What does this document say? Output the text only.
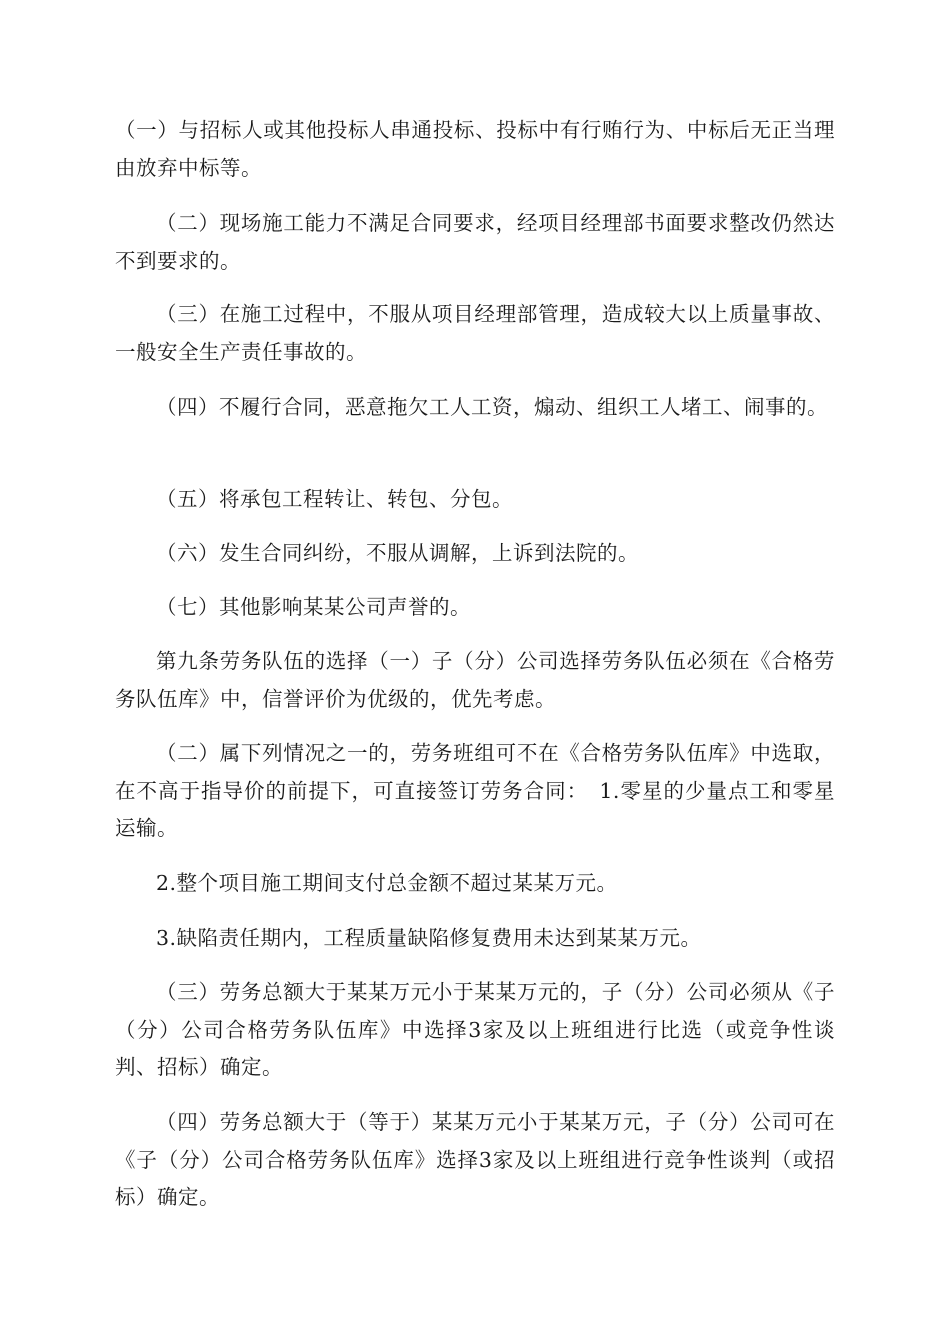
（一）与招标人或其他投标人串通投标、投标中有行贿行为、中标后无正当理由放弃中标等。

（二）现场施工能力不满足合同要求，经项目经理部书面要求整改仍然达不到要求的。

（三）在施工过程中，不服从项目经理部管理，造成较大以上质量事故、一般安全生产责任事故的。

（四）不履行合同，恶意拖欠工人工资，煽动、组织工人堵工、闹事的。

（五）将承包工程转让、转包、分包。

（六）发生合同纠纷，不服从调解，上诉到法院的。

（七）其他影响某某公司声誉的。

第九条劳务队伍的选择（一）子（分）公司选择劳务队伍必须在《合格劳务队伍库》中，信誉评价为优级的，优先考虑。

（二）属下列情况之一的，劳务班组可不在《合格劳务队伍库》中选取，在不高于指导价的前提下，可直接签订劳务合同：　1.零星的少量点工和零星运输。

2.整个项目施工期间支付总金额不超过某某万元。

3.缺陷责任期内，工程质量缺陷修复费用未达到某某万元。

（三）劳务总额大于某某万元小于某某万元的，子（分）公司必须从《子（分）公司合格劳务队伍库》中选择3家及以上班组进行比选（或竞争性谈判、招标）确定。

（四）劳务总额大于（等于）某某万元小于某某万元，子（分）公司可在《子（分）公司合格劳务队伍库》选择3家及以上班组进行竞争性谈判（或招标）确定。
